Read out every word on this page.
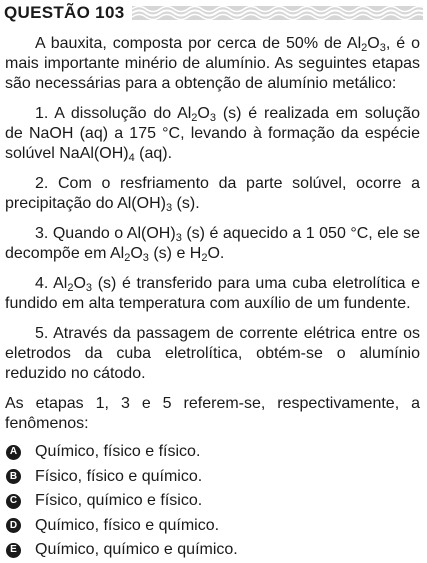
QUESTÃO 103

A bauxita, composta por cerca de 50% de $Al_2O_3$, é o mais importante minério de alumínio. As seguintes etapas são necessárias para a obtenção de alumínio metálico:

1. A dissolução do $Al_2O_3$ (s) é realizada em solução de NaOH (aq) a 175 °C, levando à formação da espécie solúvel $NaAl(OH)_4$ (aq).

2. Com o resfriamento da parte solúvel, ocorre a precipitação do $Al(OH)_3$ (s).

3. Quando o $Al(OH)_3$ (s) é aquecido a 1 050 °C, ele se decompõe em $Al_2O_3$ (s) e $H_2O$.

4. $Al_2O_3$ (s) é transferido para uma cuba eletrolítica e fundido em alta temperatura com auxílio de um fundente.

5. Através da passagem de corrente elétrica entre os eletrodos da cuba eletrolítica, obtém-se o alumínio reduzido no cátodo.

As etapas 1, 3 e 5 referem-se, respectivamente, a fenômenos:

A Químico, físico e físico.
B Físico, físico e químico.
C Físico, químico e físico.
D Químico, físico e químico.
E Químico, químico e químico.
